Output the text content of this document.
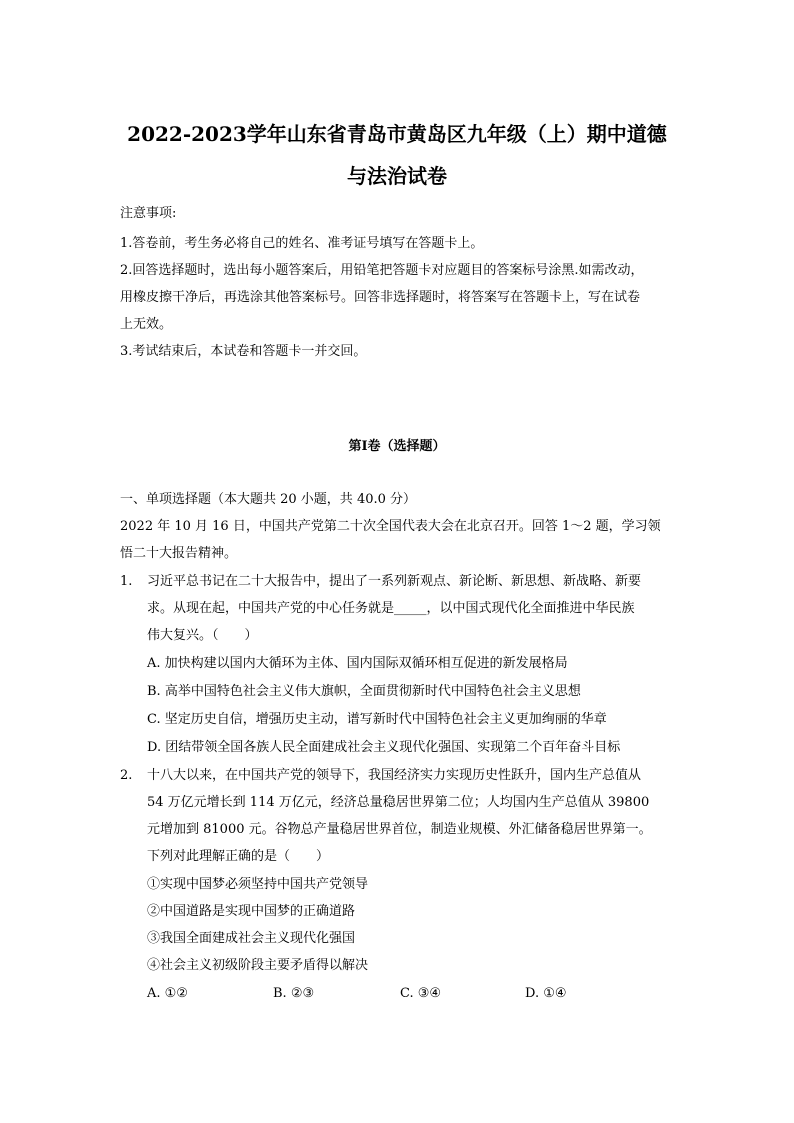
2022-2023学年山东省青岛市黄岛区九年级（上）期中道德
与法治试卷
注意事项:
1.答卷前，考生务必将自己的姓名、准考证号填写在答题卡上。
2.回答选择题时，选出每小题答案后，用铅笔把答题卡对应题目的答案标号涂黑.如需改动，
用橡皮擦干净后，再选涂其他答案标号。回答非选择题时，将答案写在答题卡上，写在试卷
上无效。
3.考试结束后，本试卷和答题卡一并交回。
第I卷（选择题）
一、单项选择题（本大题共 20 小题，共 40.0 分）
2022 年 10 月 16 日，中国共产党第二十次全国代表大会在北京召开。回答 1～2 题，学习领
悟二十大报告精神。
1. 习近平总书记在二十大报告中，提出了一系列新观点、新论断、新思想、新战略、新要
求。从现在起，中国共产党的中心任务就是_____，以中国式现代化全面推进中华民族
伟大复兴。（　　）
A. 加快构建以国内大循环为主体、国内国际双循环相互促进的新发展格局
B. 高举中国特色社会主义伟大旗帜，全面贯彻新时代中国特色社会主义思想
C. 坚定历史自信，增强历史主动，谱写新时代中国特色社会主义更加绚丽的华章
D. 团结带领全国各族人民全面建成社会主义现代化强国、实现第二个百年奋斗目标
2. 十八大以来，在中国共产党的领导下，我国经济实力实现历史性跃升，国内生产总值从
54 万亿元增长到 114 万亿元，经济总量稳居世界第二位；人均国内生产总值从 39800
元增加到 81000 元。谷物总产量稳居世界首位，制造业规模、外汇储备稳居世界第一。
下列对此理解正确的是（　　）
①实现中国梦必须坚持中国共产党领导
②中国道路是实现中国梦的正确道路
③我国全面建成社会主义现代化强国
④社会主义初级阶段主要矛盾得以解决
A. ①②	B. ②③	C. ③④	D. ①④
